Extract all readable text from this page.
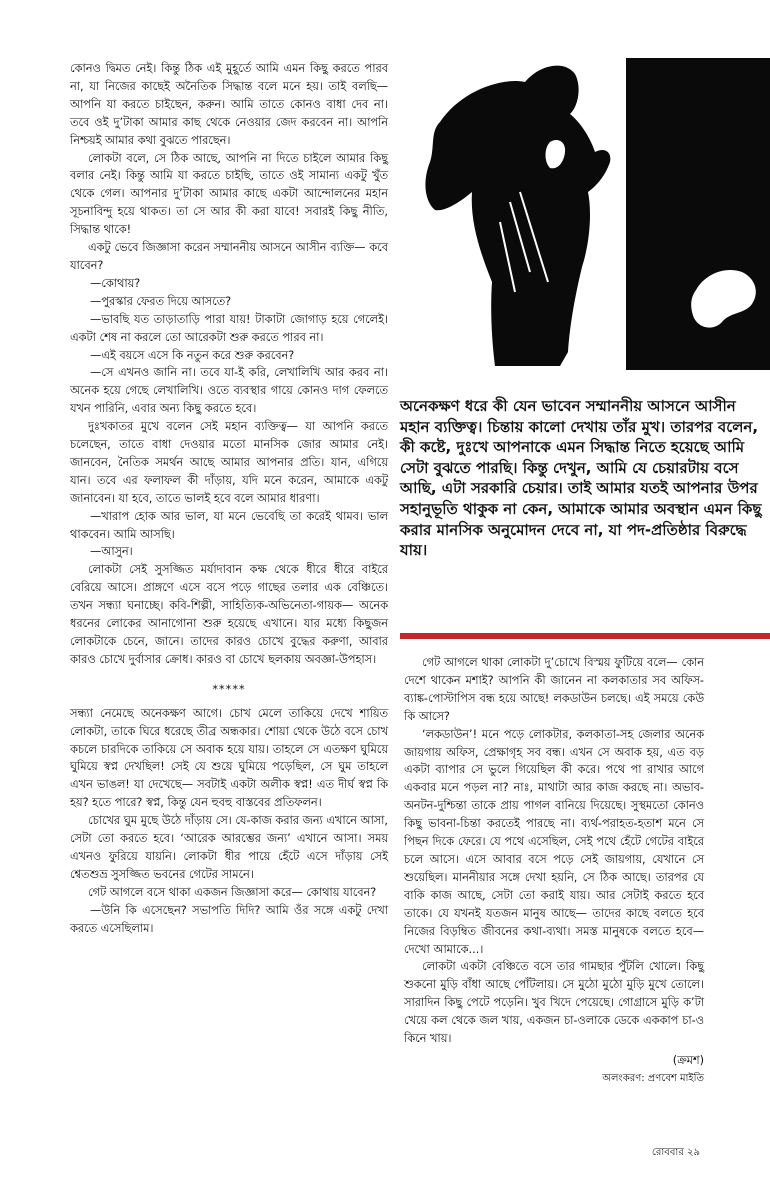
কোনও দ্বিমত নেই। কিন্তু ঠিক এই মুহূর্তে আমি এমন কিছু করতে পারব না, যা নিজের কাছেই অনৈতিক সিদ্ধান্ত বলে মনে হয়। তাই বলছি— আপনি যা করতে চাইছেন, করুন। আমি তাতে কোনও বাধা দেব না। তবে ওই দু’টাকা আমার কাছ থেকে নেওয়ার জেদ করবেন না। আপনি নিশ্চয়ই আমার কথা বুঝতে পারছেন।

লোকটা বলে, সে ঠিক আছে, আপনি না দিতে চাইলে আমার কিছু বলার নেই। কিন্তু আমি যা করতে চাইছি, তাতে ওই সামান্য একটু খুঁত থেকে গেল। আপনার দু’টাকা আমার কাছে একটা আন্দোলনের মহান সূচনাবিন্দু হয়ে থাকত। তা সে আর কী করা যাবে! সবারই কিছু নীতি, সিদ্ধান্ত থাকে!

একটু ভেবে জিজ্ঞাসা করেন সম্মাননীয় আসনে আসীন ব্যক্তি— কবে যাবেন?

—কোথায়?

—পুরস্কার ফেরত দিয়ে আসতে?

—ভাবছি যত তাড়াতাড়ি পারা যায়! টাকাটা জোগাড় হয়ে গেলেই। একটা শেষ না করলে তো আরেকটা শুরু করতে পারব না।

—এই বয়সে এসে কি নতুন করে শুরু করবেন?

—সে এখনও জানি না। তবে যা-ই করি, লেখালিখি আর করব না। অনেক হয়ে গেছে লেখালিখি। ওতে ব্যবস্থার গায়ে কোনও দাগ ফেলতে যখন পারিনি, এবার অন্য কিছু করতে হবে।

দুঃখকাতর মুখে বলেন সেই মহান ব্যক্তিত্ব— যা আপনি করতে চলেছেন, তাতে বাধা দেওয়ার মতো মানসিক জোর আমার নেই। জানবেন, নৈতিক সমর্থন আছে আমার আপনার প্রতি। যান, এগিয়ে যান। তবে এর ফলাফল কী দাঁড়ায়, যদি মনে করেন, আমাকে একটু জানাবেন। যা হবে, তাতে ভালই হবে বলে আমার ধারণা।

—খারাপ হোক আর ভাল, যা মনে ভেবেছি তা করেই থামব। ভাল থাকবেন। আমি আসছি।

—আসুন।

লোকটা সেই সুসজ্জিত মর্যাদাবান কক্ষ থেকে ধীরে ধীরে বাইরে বেরিয়ে আসে। প্রাঙ্গণে এসে বসে পড়ে গাছের তলার এক বেঞ্চিতে। তখন সন্ধ্যা ঘনাচ্ছে। কবি-শিল্পী, সাহিত্যিক-অভিনেতা-গায়ক— অনেক ধরনের লোকের আনাগোনা শুরু হয়েছে এখানে। যার মধ্যে কিছুজন লোকটাকে চেনে, জানে। তাদের কারও চোখে বুদ্ধের করুণা, আবার কারও চোখে দুর্বাসার ক্রোধ। কারও বা চোখে ছলকায় অবজ্ঞা-উপহাস।

*****

সন্ধ্যা নেমেছে অনেকক্ষণ আগে। চোখ মেলে তাকিয়ে দেখে শায়িত লোকটা, তাকে ঘিরে ধরেছে তীব্র অন্ধকার। শোয়া থেকে উঠে বসে চোখ কচলে চারদিকে তাকিয়ে সে অবাক হয়ে যায়। তাহলে সে এতক্ষণ ঘুমিয়ে ঘুমিয়ে স্বপ্ন দেখছিল! সেই যে শুয়ে ঘুমিয়ে পড়েছিল, সে ঘুম তাহলে এখন ভাঙল! যা দেখেছে— সবটাই একটা অলীক স্বপ্ন! এত দীর্ঘ স্বপ্ন কি হয়? হতে পারে? স্বপ্ন, কিন্তু যেন হুবহু বাস্তবের প্রতিফলন।

চোখের ঘুম মুছে উঠে দাঁড়ায় সে। যে-কাজ করার জন্য এখানে আসা, সেটা তো করতে হবে। ‘আরেক আরম্ভের জন্য’ এখানে আসা। সময় এখনও ফুরিয়ে যায়নি। লোকটা ধীর পায়ে হেঁটে এসে দাঁড়ায় সেই শ্বেতশুভ্র সুসজ্জিত ভবনের গেটের সামনে।

গেট আগলে বসে থাকা একজন জিজ্ঞাসা করে— কোথায় যাবেন?

—উনি কি এসেছেন? সভাপতি দিদি? আমি ওঁর সঙ্গে একটু দেখা করতে এসেছিলাম।

অনেকক্ষণ ধরে কী যেন ভাবেন সম্মাননীয় আসনে আসীন মহান ব্যক্তিত্ব। চিন্তায় কালো দেখায় তাঁর মুখ। তারপর বলেন, কী কষ্টে, দুঃখে আপনাকে এমন সিদ্ধান্ত নিতে হয়েছে আমি সেটা বুঝতে পারছি। কিন্তু দেখুন, আমি যে চেয়ারটায় বসে আছি, এটা সরকারি চেয়ার। তাই আমার যতই আপনার উপর সহানুভূতি থাকুক না কেন, আমাকে আমার অবস্থান এমন কিছু করার মানসিক অনুমোদন দেবে না, যা পদ-প্রতিষ্ঠার বিরুদ্ধে যায়।

গেট আগলে থাকা লোকটা দু’চোখে বিস্ময় ফুটিয়ে বলে— কোন দেশে থাকেন মশাই? আপনি কী জানেন না কলকাতার সব অফিস-ব্যাঙ্ক-পোস্টাপিস বন্ধ হয়ে আছে! লকডাউন চলছে। এই সময়ে কেউ কি আসে?

‘লকডাউন’! মনে পড়ে লোকটার, কলকাতা-সহ জেলার অনেক জায়গায় অফিস, প্রেক্ষাগৃহ সব বন্ধ। এখন সে অবাক হয়, এত বড় একটা ব্যাপার সে ভুলে গিয়েছিল কী করে। পথে পা রাখার আগে একবার মনে পড়ল না? নাঃ, মাথাটা আর কাজ করছে না। অভাব-অনটন-দুশ্চিন্তা তাকে প্রায় পাগল বানিয়ে দিয়েছে। সুস্থমতো কোনও কিছু ভাবনা-চিন্তা করতেই পারছে না। ব্যর্থ-পরাহত-হতাশ মনে সে পিছন দিকে ফেরে। যে পথে এসেছিল, সেই পথে হেঁটে গেটের বাইরে চলে আসে। এসে আবার বসে পড়ে সেই জায়গায়, যেখানে সে শুয়েছিল। মাননীয়ার সঙ্গে দেখা হয়নি, সে ঠিক আছে। তারপর যে বাকি কাজ আছে, সেটা তো করাই যায়। আর সেটাই করতে হবে তাকে। যে যখনই যতজন মানুষ আছে— তাদের কাছে বলতে হবে নিজের বিড়ম্বিত জীবনের কথা-ব্যথা। সমস্ত মানুষকে বলতে হবে— দেখো আমাকে...।

লোকটা একটা বেঞ্চিতে বসে তার গামছার পুঁটলি খোলে। কিছু শুকনো মুড়ি বাঁধা আছে পোঁটলায়। সে মুঠো মুঠো মুড়ি মুখে তোলে। সারাদিন কিছু পেটে পড়েনি। খুব খিদে পেয়েছে। গোগ্রাসে মুড়ি ক’টা খেয়ে কল থেকে জল খায়, একজন চা-ওলাকে ডেকে এককাপ চা-ও কিনে খায়।

(ক্রমশ)

অলংকরণ: প্রণবেশ মাইতি

রোববার ২৯
